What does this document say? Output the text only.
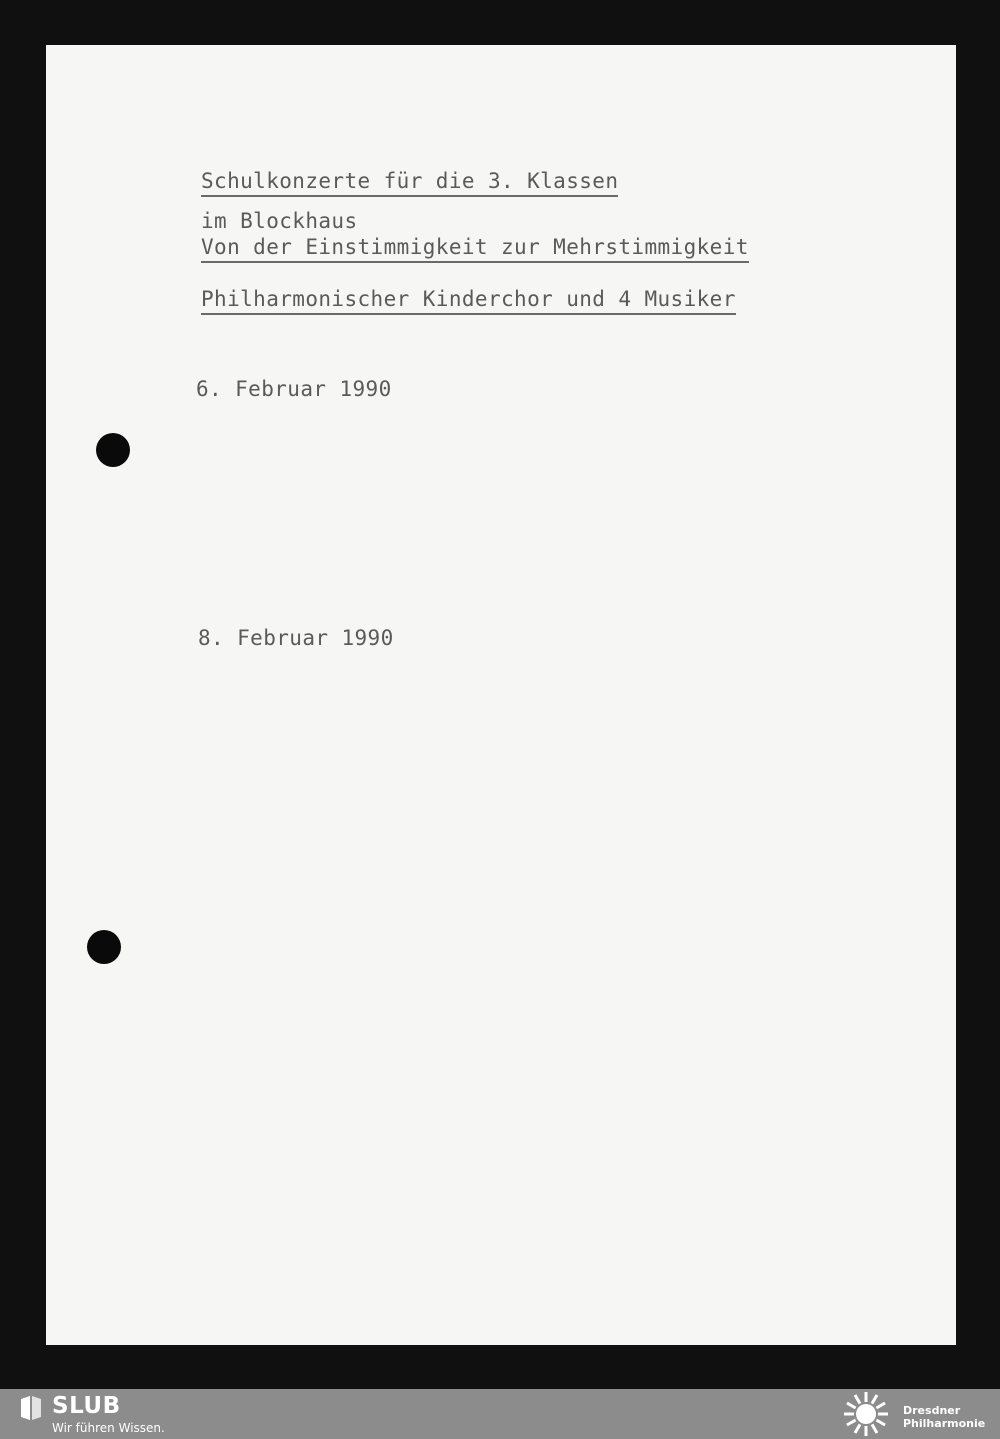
Schulkonzerte für die 3. Klassen
im Blockhaus
Von der Einstimmigkeit zur Mehrstimmigkeit
Philharmonischer Kinderchor und 4 Musiker
6. Februar 1990
8. Februar 1990
SLUB
Wir führen Wissen.
Dresdner
Philharmonie
